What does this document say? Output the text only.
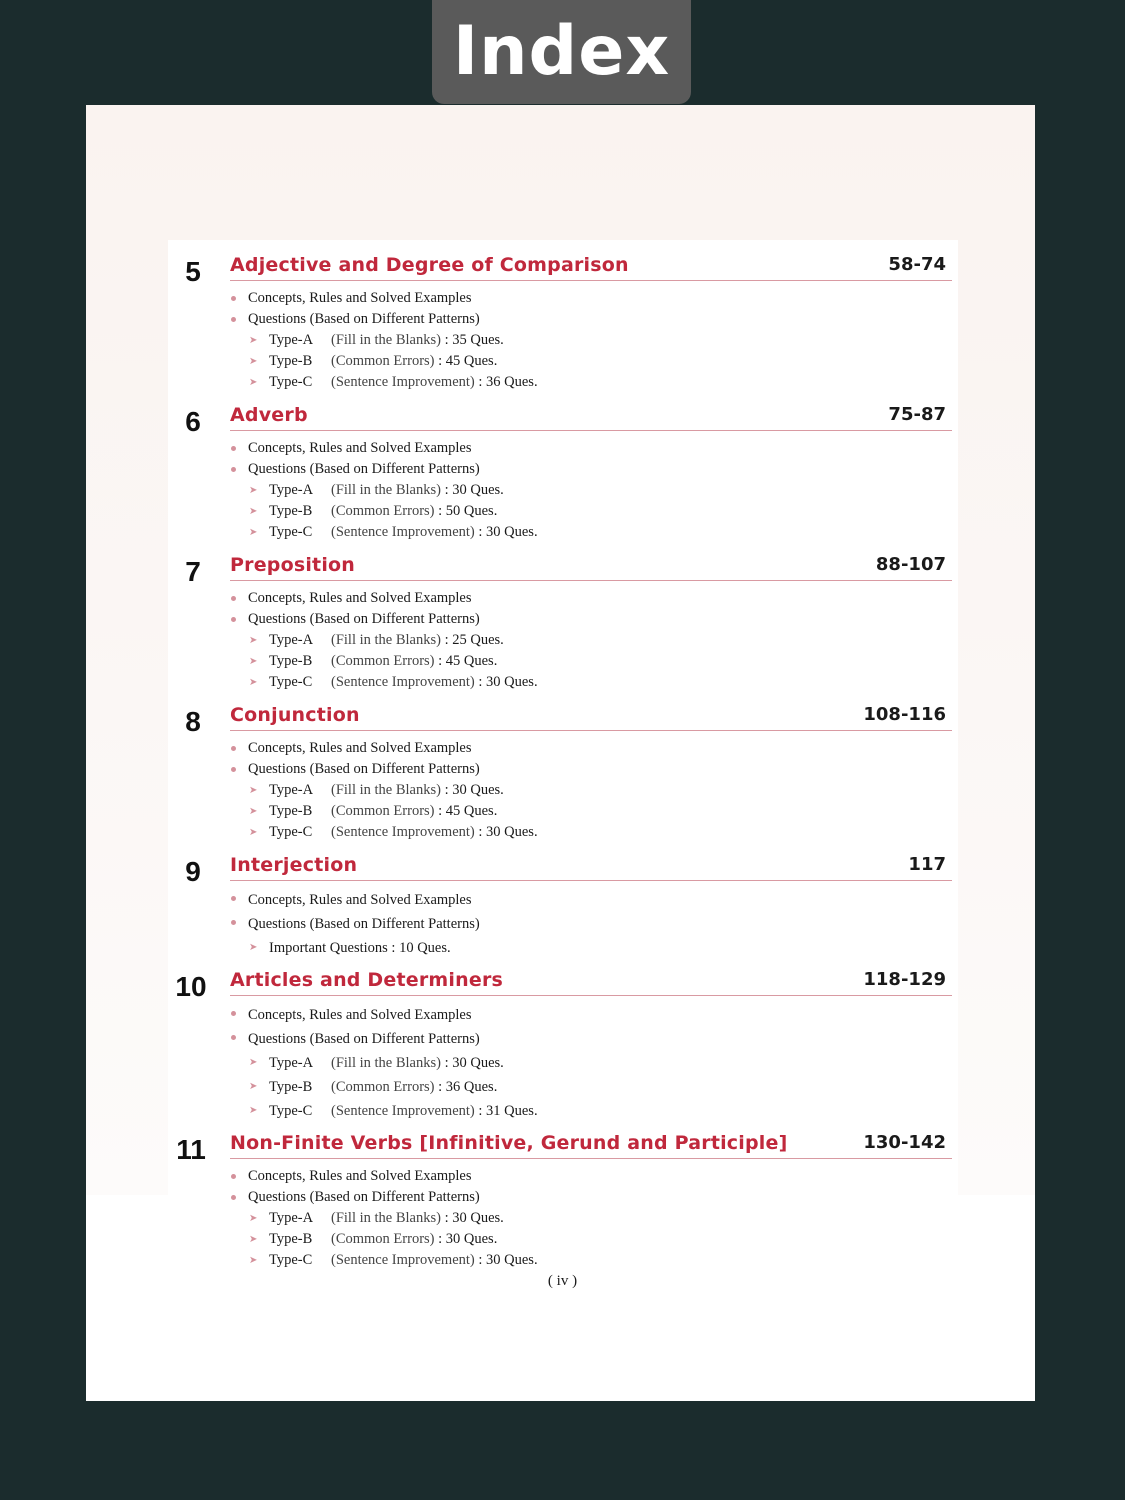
Index
5	Adjective and Degree of Comparison	58-74
Concepts, Rules and Solved Examples
Questions (Based on Different Patterns)
➤ Type-A (Fill in the Blanks) : 35 Ques.
➤ Type-B (Common Errors) : 45 Ques.
➤ Type-C (Sentence Improvement) : 36 Ques.
6	Adverb	75-87
Concepts, Rules and Solved Examples
Questions (Based on Different Patterns)
➤ Type-A (Fill in the Blanks) : 30 Ques.
➤ Type-B (Common Errors) : 50 Ques.
➤ Type-C (Sentence Improvement) : 30 Ques.
7	Preposition	88-107
Concepts, Rules and Solved Examples
Questions (Based on Different Patterns)
➤ Type-A (Fill in the Blanks) : 25 Ques.
➤ Type-B (Common Errors) : 45 Ques.
➤ Type-C (Sentence Improvement) : 30 Ques.
8	Conjunction	108-116
Concepts, Rules and Solved Examples
Questions (Based on Different Patterns)
➤ Type-A (Fill in the Blanks) : 30 Ques.
➤ Type-B (Common Errors) : 45 Ques.
➤ Type-C (Sentence Improvement) : 30 Ques.
9	Interjection	117
Concepts, Rules and Solved Examples
Questions (Based on Different Patterns)
➤ Important Questions : 10 Ques.
10	Articles and Determiners	118-129
Concepts, Rules and Solved Examples
Questions (Based on Different Patterns)
➤ Type-A (Fill in the Blanks) : 30 Ques.
➤ Type-B (Common Errors) : 36 Ques.
➤ Type-C (Sentence Improvement) : 31 Ques.
11	Non-Finite Verbs [Infinitive, Gerund and Participle]	130-142
Concepts, Rules and Solved Examples
Questions (Based on Different Patterns)
➤ Type-A (Fill in the Blanks) : 30 Ques.
➤ Type-B (Common Errors) : 30 Ques.
➤ Type-C (Sentence Improvement) : 30 Ques.
( iv )
